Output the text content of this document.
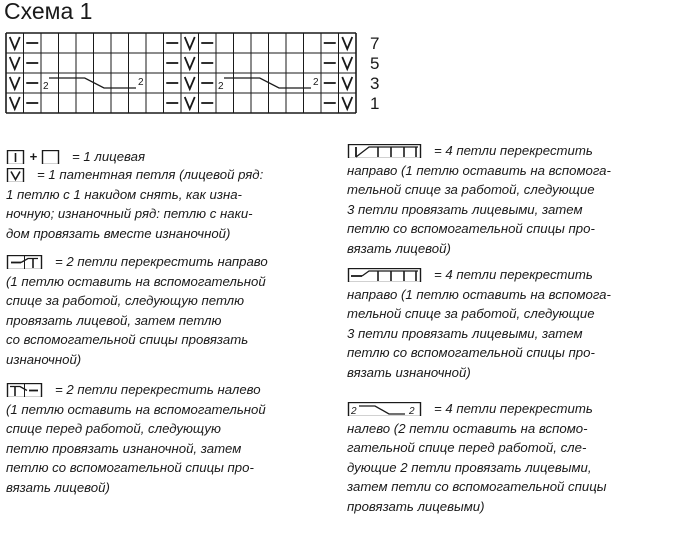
Схема 1
2	2	2	2
7
5
3
1
+	= 1 лицевая
= 1 патентная петля (лицевой ряд:
1 петлю с 1 накидом снять, как изна-
ночную; изнаночный ряд: петлю с наки-
дом провязать вместе изнаночной)
= 2 петли перекрестить направо
(1 петлю оставить на вспомогательной
спице за работой, следующую петлю
провязать лицевой, затем петлю
со вспомогательной спицы провязать
изнаночной)
= 2 петли перекрестить налево
(1 петлю оставить на вспомогательной
спице перед работой, следующую
петлю провязать изнаночной, затем
петлю со вспомогательной спицы про-
вязать лицевой)
= 4 петли перекрестить
направо (1 петлю оставить на вспомога-
тельной спице за работой, следующие
3 петли провязать лицевыми, затем
петлю со вспомогательной спицы про-
вязать лицевой)
= 4 петли перекрестить
направо (1 петлю оставить на вспомога-
тельной спице за работой, следующие
3 петли провязать лицевыми, затем
петлю со вспомогательной спицы про-
вязать изнаночной)
2	2 = 4 петли перекрестить
налево (2 петли оставить на вспомо-
гательной спице перед работой, сле-
дующие 2 петли провязать лицевыми,
затем петли со вспомогательной спицы
провязать лицевыми)
